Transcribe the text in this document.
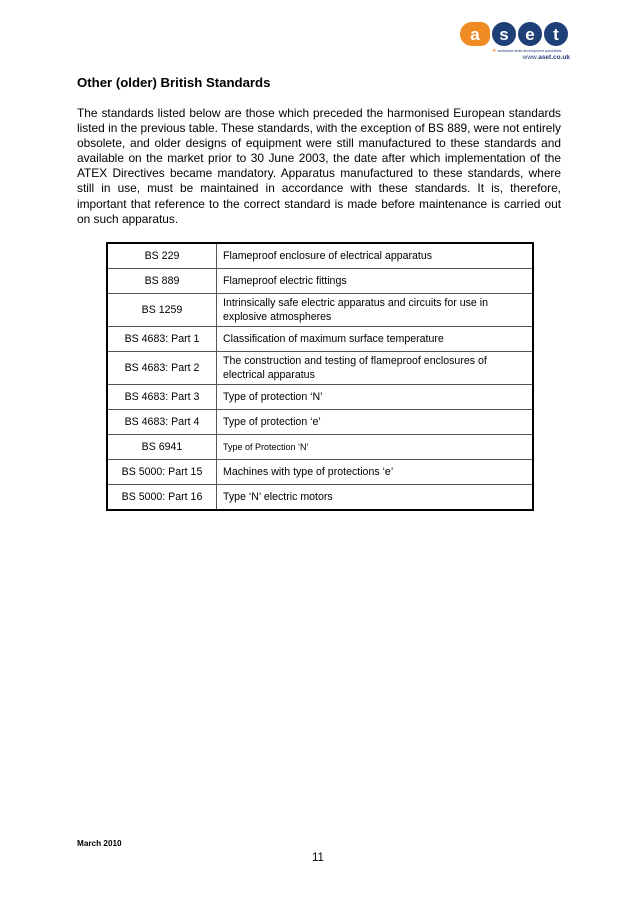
a	s e	t
★ worldwide skills development specialists
www.aset.co.uk
Other (older) British Standards

The standards listed below are those which preceded the harmonised European standards listed in the previous table. These standards, with the exception of BS 889, were not entirely obsolete, and older designs of equipment were still manufactured to these standards and available on the market prior to 30 June 2003, the date after which implementation of the ATEX Directives became mandatory. Apparatus manufactured to these standards, where still in use, must be maintained in accordance with these standards. It is, therefore, important that reference to the correct standard is made before maintenance is carried out on such apparatus.

BS 229	Flameproof enclosure of electrical apparatus
BS 889	Flameproof electric fittings
BS 1259	Intrinsically safe electric apparatus and circuits for use in explosive atmospheres
BS 4683: Part 1	Classification of maximum surface temperature
BS 4683: Part 2	The construction and testing of flameproof enclosures of electrical apparatus
BS 4683: Part 3	Type of protection ‘N’
BS 4683: Part 4	Type of protection ‘e’
BS 6941	Type of Protection ‘N’
BS 5000: Part 15	Machines with type of protections ‘e’
BS 5000: Part 16	Type ‘N’ electric motors
March 2010
11
